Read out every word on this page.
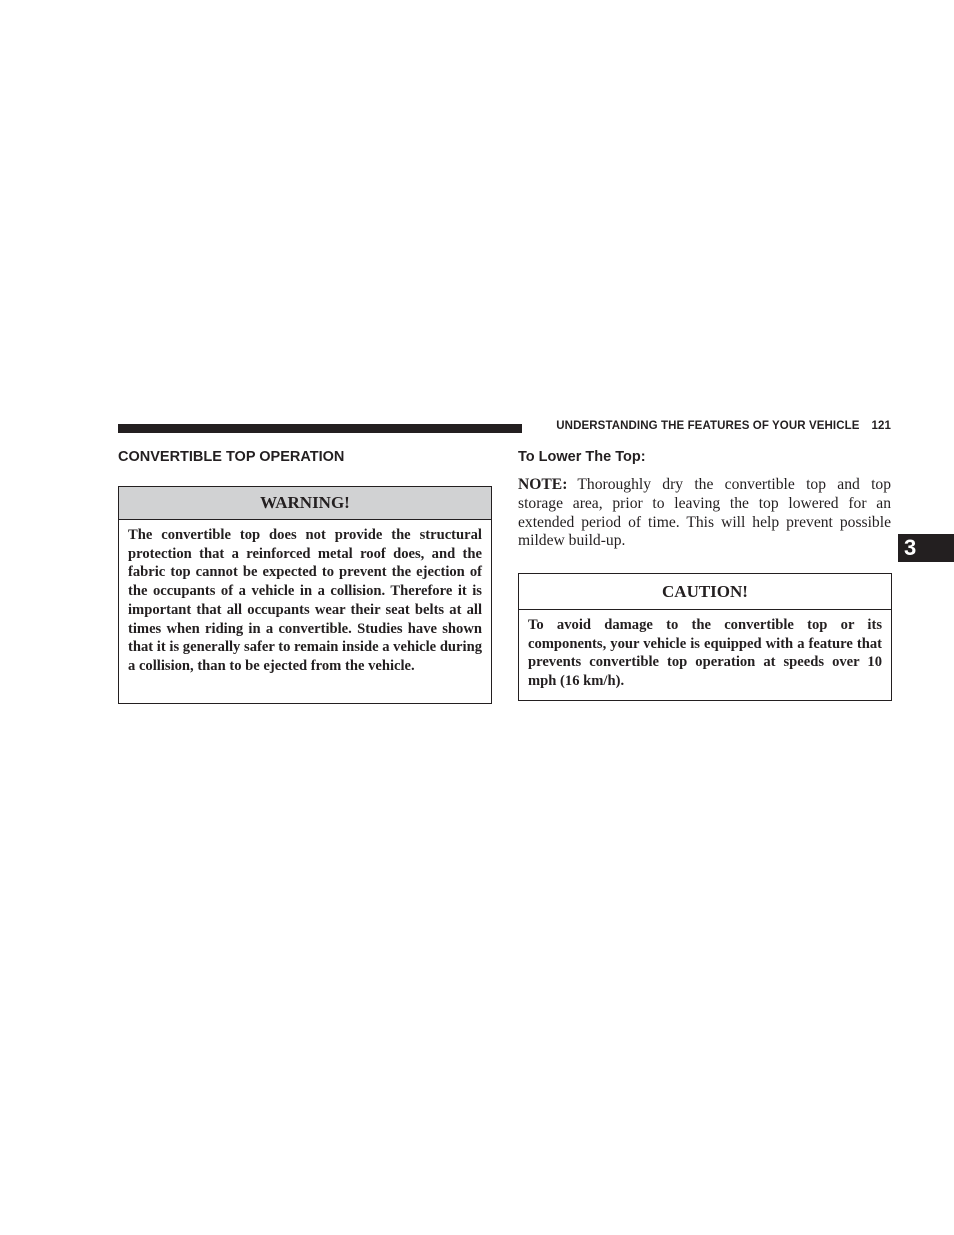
UNDERSTANDING THE FEATURES OF YOUR VEHICLE 121
3
CONVERTIBLE TOP OPERATION
WARNING!
The convertible top does not provide the structural protection that a reinforced metal roof does, and the fabric top cannot be expected to prevent the ejection of the occupants of a vehicle in a collision. Therefore it is important that all occupants wear their seat belts at all times when riding in a convertible. Studies have shown that it is generally safer to remain inside a vehicle during a collision, than to be ejected from the vehicle.
To Lower The Top:
NOTE: Thoroughly dry the convertible top and top storage area, prior to leaving the top lowered for an extended period of time. This will help prevent possible mildew build-up.
CAUTION!
To avoid damage to the convertible top or its components, your vehicle is equipped with a feature that prevents convertible top operation at speeds over 10 mph (16 km/h).
